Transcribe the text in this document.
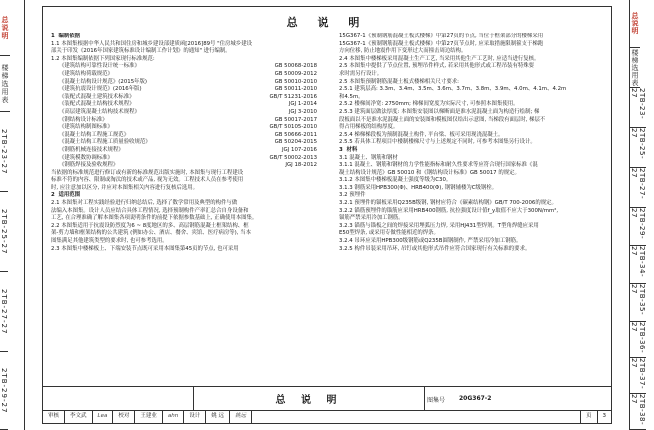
总说明
楼梯选用表
2TB-23-27
2TB-25-27
2TB-27-27
2TB-29-27
总说明
楼梯选用表
2TB-23-27
2TB-25-27
2TB-27-27
2TB-29-27
2TB-34-27
2TB-35-27
2TB-36-27
2TB-37-27
2TB-38-27
总 说 明
1  编制依据
1.1 本图集根据中华人民共和国住房和城乡建设部建质函[2016]89号 "住房城乡建设
部关于印发《2016年国家建筑标准设计编制工作计划》的通知" 进行编制。
1.2 本图集编制依据下列国家现行标准规范:
《建筑结构可靠性设计统一标准》	GB 50068-2018
《建筑结构荷载规范》	GB 50009-2012
《混凝土结构设计规范》(2015年版)	GB 50010-2010
《建筑抗震设计规范》(2016年版)	GB 50011-2010
《装配式混凝土建筑技术标准》	GB/T 51231-2016
《装配式混凝土结构技术规程》	JGJ 1-2014
《高层建筑混凝土结构技术规程》	JGJ 3-2010
《钢结构设计标准》	GB 50017-2017
《建筑结构制图标准》	GB/T 50105-2010
《混凝土结构工程施工规范》	GB 50666-2011
《混凝土结构工程施工质量验收规范》	GB 50204-2015
《钢筋机械连接技术规程》	JGJ 107-2016
《建筑模数协调标准》	GB/T 50002-2013
《钢筋焊接及验收规程》	JGJ 18-2012
当依据的标准规范进行修订或有新的标准规范出版实施时, 本图集与现行工程建设
标准不符的内容、限制或淘汰的技术或产品, 视为无效。工程技术人员在参考使用
时, 应注意加以区分, 并应对本图集相关内容进行复核后选用。
2  适用范围
2.1 本图集对工程实践经验进行归纳总结后, 选择了数学常用及典型的构件与做
法编入本图集。设计人员应结合具体工程情况, 选择预制构件产率汇总合自身设备和
工艺, 在合理准确了解本图集各项说明条件的前提下依据参数基础上, 正确使用本图集。
2.2 本图集适用于抗震设防烈度为6 ~ 8度地区的多、高层钢筋混凝土框架结构、框
架-剪力墙和框架结构的公共建筑 (例如办公、酒店、餐舍、宾馆、医疗病房等), 当本
图集满足其他建筑类型的要求时, 也可参考选用。
2.3 本图集中楼梯板上、下端安装节点既可采用本图集第45页的节点, 也可采用
15G367-1《预制钢筋混凝土板式楼梯》中第27页的节点, 当位于框架部分的楼梯采用
15G367-1《预制钢筋混凝土板式楼梯》中第27页节点时, 应采取措施限制箍支于梯跑
方向位移, 防止地震作用下变形过大而撞击周边结构。
2.4 本图集中楼梯板采用混凝土生产工艺, 当采用其他生产工艺时, 应适当进行复核。
2.5 本图集中提供了节点位置, 预埋吊件样式, 若采用其他形式或工程吊装有特殊要
求时需另行设计。
2.5 本图集预制钢筋混凝土板式楼梯相关尺寸要求:
2.5.1 建筑层高: 3.3m、3.4m、3.5m、3.6m、3.7m、3.8m、3.9m、4.0m、4.1m、4.2m
和4.5m。
2.5.2 楼梯间净宽: 2750mm; 梯梯间宽度为实际尺寸, 可参照本图集使用。
2.5.3 建筑面层做法厚度: 本图集安装图以梯断面是准水泥混凝土面为构造行绘制; 梯
段板面以不是准水泥混凝土面的安装图和模板图仅给出示意图, 当梯段有面层时, 梯层不
得占用梯板的结构厚度。
2.5.4 梯梯梯段板为预制混凝土构件, 平台梁、板可采用现浇混凝土。
2.5.5 若具体工程项目中楼制楼梯尺寸与上述规定不同时, 可参考本图集另行设计。
3  材料
3.1 混凝土、钢筋和钢材
3.1.1 混凝土、钢筋和钢材的力学性能指标和耐久性要求等应符合现行国家标准《混
凝土结构设计规范》GB 50010 和《钢结构设计标准》GB 50017 的规定。
3.1.2 本图集中楼梯板混凝土强度等级为C30。
3.1.3 钢筋采用HPB300(Φ)、HRB400(Φ), 钢钢辅楼为C级钢栓。
3.2 预埋件
3.2.1 预埋件的锚板采用Q235B级钢, 钢材应符合《碳素结构钢》GB/T 700-2006的规定。
3.2.2 锚筋预埋件的锚筋应采用HRB400钢筋, 抗拉强度设计值f_y取值不应大于300N/mm²,
锚筋严禁采用冷加工钢筋。
3.2.3 锚筋与锚板之间的焊接采用埋弧压力焊, 采用HJ431型焊剂。T型角焊缝应采用
E50型焊条, 或采用专做性能相近的焊条。
3.2.4 吊环应采用HPB300级钢筋或Q235B圆钢制作, 严禁采用冷加工钢筋。
3.2.5 构件吊装采用吊环, 吊钉或其他形式吊件应符合国家现行有关标准的要求。
总 说 明	图集号 20G367-2
审核	李文武	Lea	校对	王建业	ahn	设计	姚 远	姚远	页	3
